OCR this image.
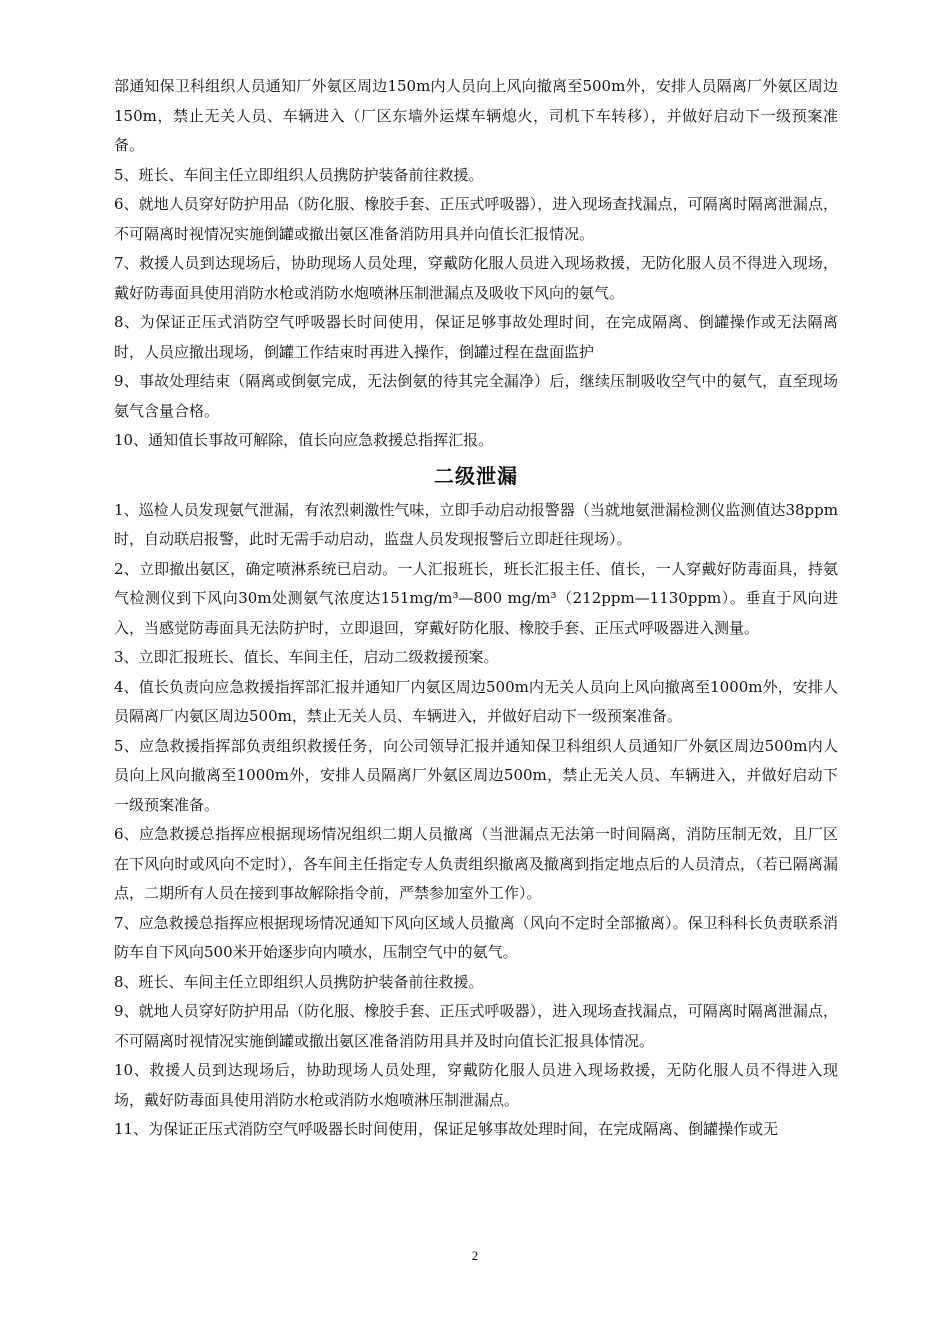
部通知保卫科组织人员通知厂外氨区周边150m内人员向上风向撤离至500m外，安排人员隔离厂外氨区周边150m，禁止无关人员、车辆进入（厂区东墙外运煤车辆熄火，司机下车转移），并做好启动下一级预案准备。

5、班长、车间主任立即组织人员携防护装备前往救援。

6、就地人员穿好防护用品（防化服、橡胶手套、正压式呼吸器），进入现场查找漏点，可隔离时隔离泄漏点，不可隔离时视情况实施倒罐或撤出氨区准备消防用具并向值长汇报情况。

7、救援人员到达现场后，协助现场人员处理，穿戴防化服人员进入现场救援，无防化服人员不得进入现场，戴好防毒面具使用消防水枪或消防水炮喷淋压制泄漏点及吸收下风向的氨气。

8、为保证正压式消防空气呼吸器长时间使用，保证足够事故处理时间，在完成隔离、倒罐操作或无法隔离时，人员应撤出现场，倒罐工作结束时再进入操作，倒罐过程在盘面监护

9、事故处理结束（隔离或倒氨完成，无法倒氨的待其完全漏净）后，继续压制吸收空气中的氨气，直至现场氨气含量合格。

10、通知值长事故可解除，值长向应急救援总指挥汇报。

二级泄漏

1、巡检人员发现氨气泄漏，有浓烈刺激性气味，立即手动启动报警器（当就地氨泄漏检测仪监测值达38ppm时，自动联启报警，此时无需手动启动，监盘人员发现报警后立即赶往现场）。

2、立即撤出氨区，确定喷淋系统已启动。一人汇报班长，班长汇报主任、值长，一人穿戴好防毒面具，持氨气检测仪到下风向30m处测氨气浓度达151mg/m³—800 mg/m³（212ppm—1130ppm）。垂直于风向进入，当感觉防毒面具无法防护时，立即退回，穿戴好防化服、橡胶手套、正压式呼吸器进入测量。

3、立即汇报班长、值长、车间主任，启动二级救援预案。

4、值长负责向应急救援指挥部汇报并通知厂内氨区周边500m内无关人员向上风向撤离至1000m外，安排人员隔离厂内氨区周边500m，禁止无关人员、车辆进入，并做好启动下一级预案准备。

5、应急救援指挥部负责组织救援任务，向公司领导汇报并通知保卫科组织人员通知厂外氨区周边500m内人员向上风向撤离至1000m外，安排人员隔离厂外氨区周边500m，禁止无关人员、车辆进入，并做好启动下一级预案准备。

6、应急救援总指挥应根据现场情况组织二期人员撤离（当泄漏点无法第一时间隔离，消防压制无效，且厂区在下风向时或风向不定时），各车间主任指定专人负责组织撤离及撤离到指定地点后的人员清点，（若已隔离漏点，二期所有人员在接到事故解除指令前，严禁参加室外工作）。

7、应急救援总指挥应根据现场情况通知下风向区域人员撤离（风向不定时全部撤离）。保卫科科长负责联系消防车自下风向500米开始逐步向内喷水，压制空气中的氨气。

8、班长、车间主任立即组织人员携防护装备前往救援。

9、就地人员穿好防护用品（防化服、橡胶手套、正压式呼吸器），进入现场查找漏点，可隔离时隔离泄漏点，不可隔离时视情况实施倒罐或撤出氨区准备消防用具并及时向值长汇报具体情况。

10、救援人员到达现场后，协助现场人员处理，穿戴防化服人员进入现场救援，无防化服人员不得进入现场，戴好防毒面具使用消防水枪或消防水炮喷淋压制泄漏点。

11、为保证正压式消防空气呼吸器长时间使用，保证足够事故处理时间，在完成隔离、倒罐操作或无

2
